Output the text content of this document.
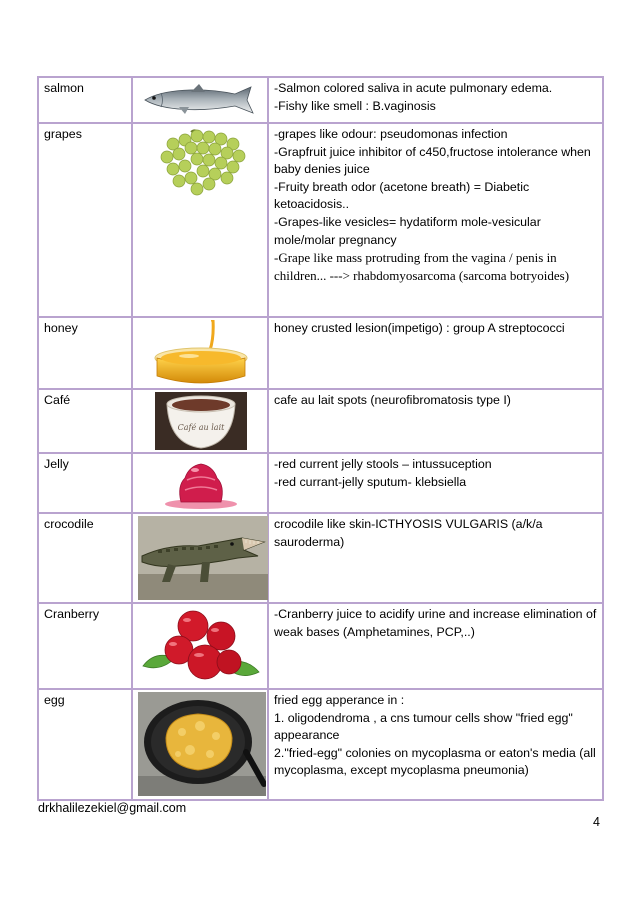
salmon		-Salmon colored saliva in acute pulmonary edema.
-Fishy like smell : B.vaginosis

grapes		-grapes like odour: pseudomonas infection
-Grapfruit juice inhibitor of c450,fructose intolerance when baby denies juice
-Fruity breath odor (acetone breath) = Diabetic ketoacidosis..
-Grapes-like vesicles= hydatiform mole-vesicular mole/molar pregnancy
-Grape like mass protruding from the vagina / penis in children... ---> rhabdomyosarcoma (sarcoma botryoides)

honey		honey crusted lesion(impetigo) : group A streptococci

Café	Café au lait	cafe au lait spots (neurofibromatosis type I)

Jelly		-red current jelly stools – intussuception
-red currant-jelly sputum- klebsiella

crocodile		crocodile like skin-ICTHYOSIS VULGARIS (a/k/a sauroderma)

Cranberry		-Cranberry juice to acidify urine and increase elimination of weak bases (Amphetamines, PCP,..)

egg		fried egg apperance in :
1. oligodendroma , a cns tumour cells show "fried egg" appearance
2."fried-egg" colonies on mycoplasma or eaton's media (all mycoplasma, except mycoplasma pneumonia)
drkhalilezekiel@gmail.com
4
